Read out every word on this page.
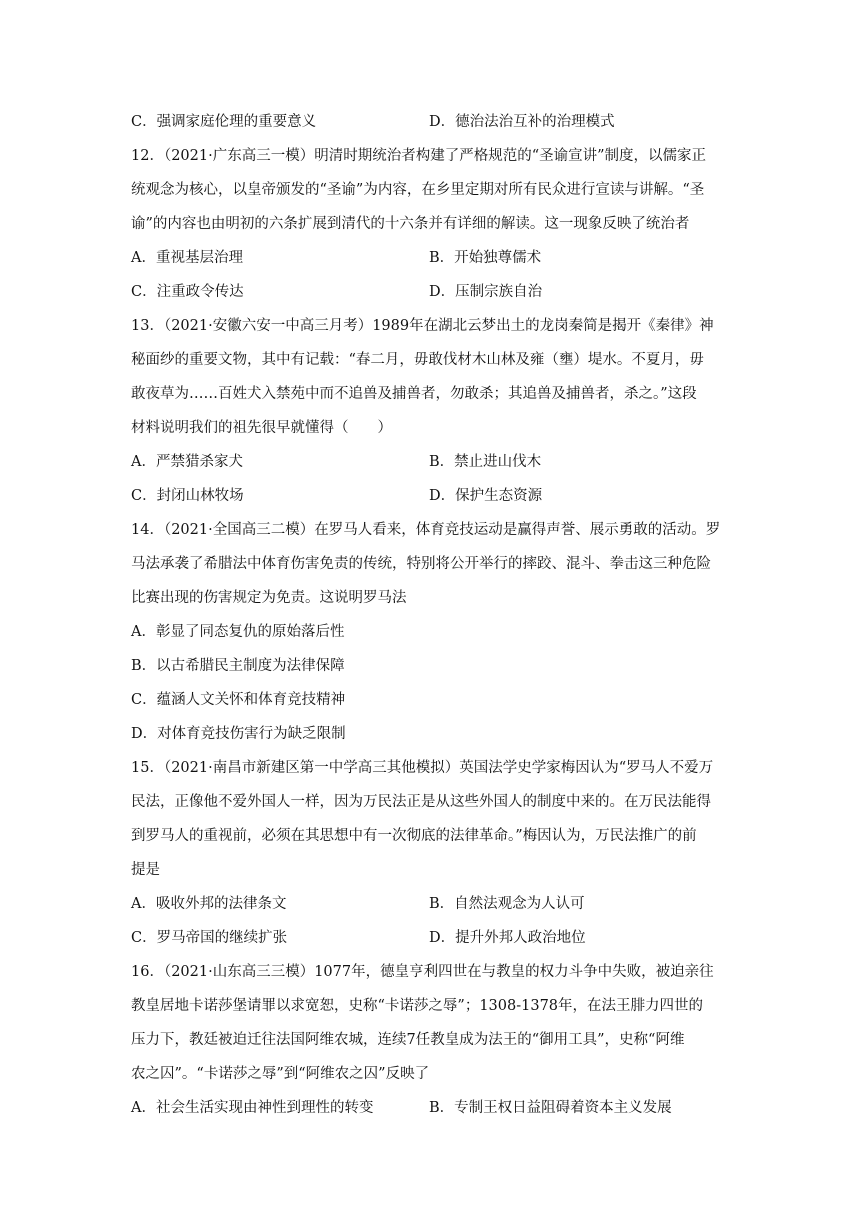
C．强调家庭伦理的重要意义	D．德治法治互补的治理模式
12．（2021·广东高三一模）明清时期统治者构建了严格规范的“圣谕宣讲”制度，以儒家正
统观念为核心，以皇帝颁发的“圣谕”为内容，在乡里定期对所有民众进行宣读与讲解。“圣
谕”的内容也由明初的六条扩展到清代的十六条并有详细的解读。这一现象反映了统治者
A．重视基层治理	B．开始独尊儒术
C．注重政令传达	D．压制宗族自治
13．（2021·安徽六安一中高三月考）1989年在湖北云梦出土的龙岗秦简是揭开《秦律》神
秘面纱的重要文物，其中有记载：“春二月，毋敢伐材木山林及雍（壅）堤水。不夏月，毋
敢夜草为……百姓犬入禁苑中而不追兽及捕兽者，勿敢杀；其追兽及捕兽者，杀之。”这段
材料说明我们的祖先很早就懂得（　　）
A．严禁猎杀家犬	B．禁止进山伐木
C．封闭山林牧场	D．保护生态资源
14．（2021·全国高三二模）在罗马人看来，体育竞技运动是赢得声誉、展示勇敢的活动。罗
马法承袭了希腊法中体育伤害免责的传统，特别将公开举行的摔跤、混斗、拳击这三种危险
比赛出现的伤害规定为免责。这说明罗马法
A．彰显了同态复仇的原始落后性
B．以古希腊民主制度为法律保障
C．蕴涵人文关怀和体育竞技精神
D．对体育竞技伤害行为缺乏限制
15．（2021·南昌市新建区第一中学高三其他模拟）英国法学史学家梅因认为“罗马人不爱万
民法，正像他不爱外国人一样，因为万民法正是从这些外国人的制度中来的。在万民法能得
到罗马人的重视前，必须在其思想中有一次彻底的法律革命。”梅因认为，万民法推广的前
提是
A．吸收外邦的法律条文	B．自然法观念为人认可
C．罗马帝国的继续扩张	D．提升外邦人政治地位
16．（2021·山东高三三模）1077年，德皇亨利四世在与教皇的权力斗争中失败，被迫亲往
教皇居地卡诺莎堡请罪以求宽恕，史称“卡诺莎之辱”；1308-1378年，在法王腓力四世的
压力下，教廷被迫迁往法国阿维农城，连续7任教皇成为法王的“御用工具”，史称“阿维
农之囚”。“卡诺莎之辱”到“阿维农之囚”反映了
A．社会生活实现由神性到理性的转变	B．专制王权日益阻碍着资本主义发展
